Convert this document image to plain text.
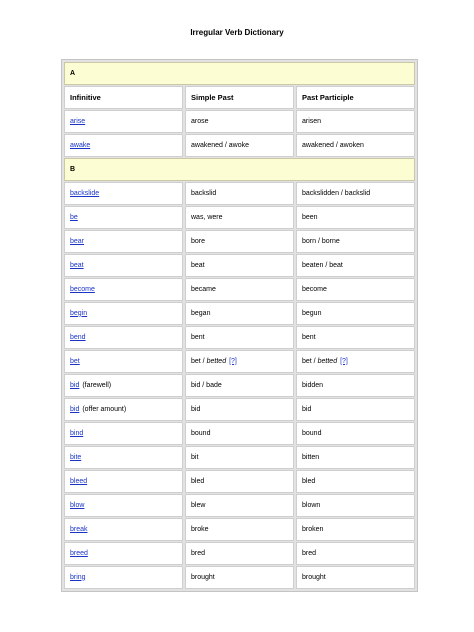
Irregular Verb Dictionary
A
Infinitive	Simple Past	Past Participle
arise	arose	arisen
awake	awakened / awoke	awakened / awoken
B
backslide	backslid	backslidden / backslid
be	was, were	been
bear	bore	born / borne
beat	beat	beaten / beat
become	became	become
begin	began	begun
bend	bent	bent
bet	bet / betted [?]	bet / betted [?]
bid (farewell)	bid / bade	bidden
bid (offer amount)	bid	bid
bind	bound	bound
bite	bit	bitten
bleed	bled	bled
blow	blew	blown
break	broke	broken
breed	bred	bred
bring	brought	brought
